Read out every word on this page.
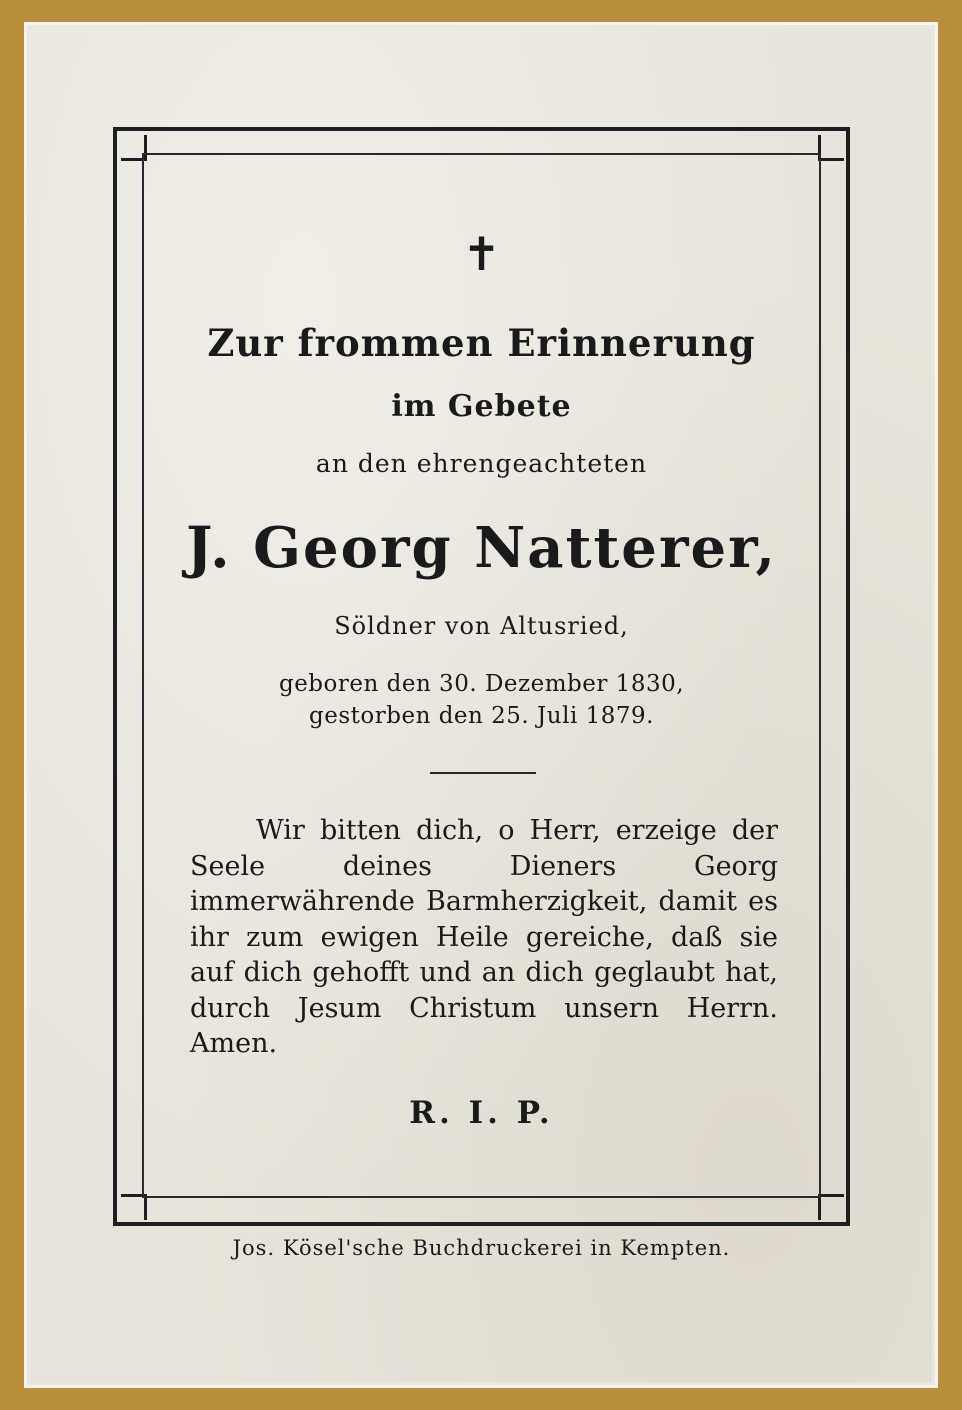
✝
Zur frommen Erinnerung
im Gebete
an den ehrengeachteten
J. Georg Natterer,
Söldner von Altusried,
geboren den 30. Dezember 1830,
gestorben den 25. Juli 1879.
Wir bitten dich, o Herr, erzeige der Seele deines Dieners Georg immerwährende Barmherzigkeit, damit es ihr zum ewigen Heile gereiche, daß sie auf dich gehofft und an dich geglaubt hat, durch Jesum Christum unsern Herrn. Amen.
R. I. P.
Jos. Kösel'sche Buchdruckerei in Kempten.
